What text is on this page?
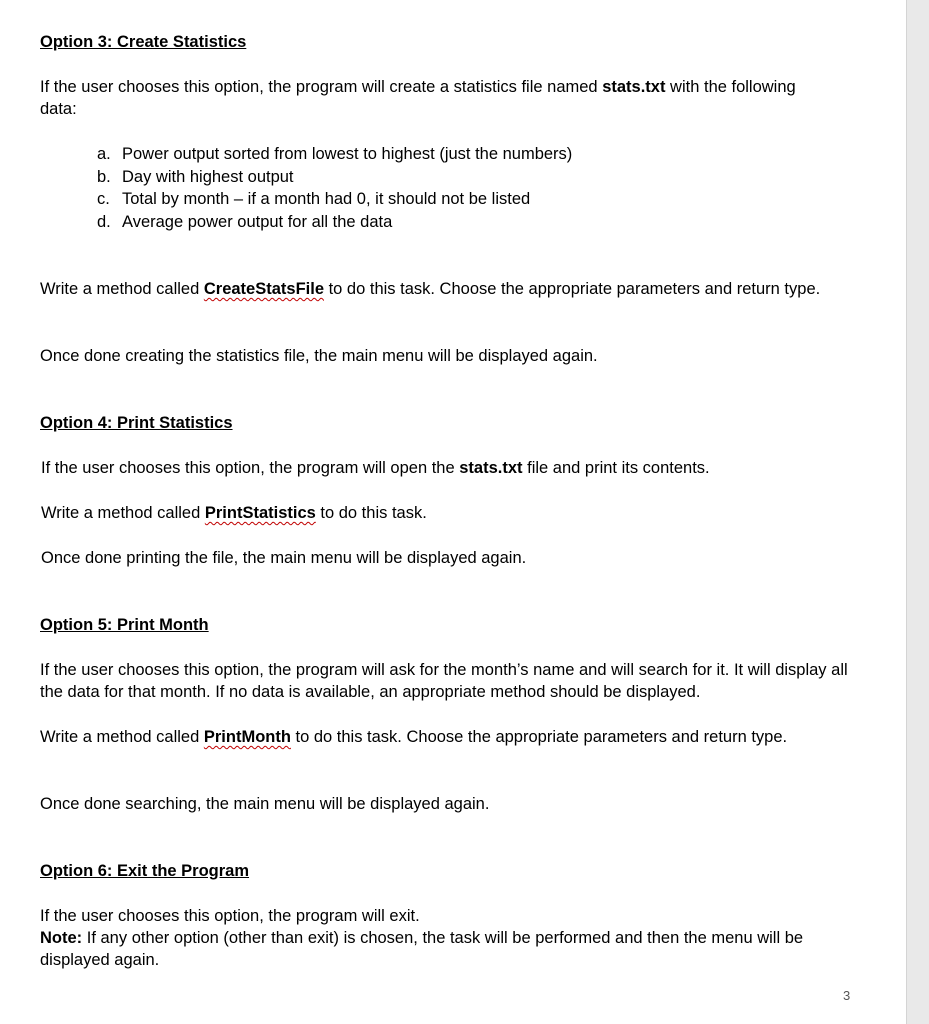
Option 3: Create Statistics

If the user chooses this option, the program will create a statistics file named stats.txt with the following data:

a. Power output sorted from lowest to highest (just the numbers)
b. Day with highest output
c. Total by month – if a month had 0, it should not be listed
d. Average power output for all the data

Write a method called CreateStatsFile to do this task. Choose the appropriate parameters and return type.

Once done creating the statistics file, the main menu will be displayed again.

Option 4: Print Statistics

If the user chooses this option, the program will open the stats.txt file and print its contents.

Write a method called PrintStatistics to do this task.

Once done printing the file, the main menu will be displayed again.

Option 5: Print Month

If the user chooses this option, the program will ask for the month’s name and will search for it. It will display all the data for that month. If no data is available, an appropriate method should be displayed.

Write a method called PrintMonth to do this task. Choose the appropriate parameters and return type.

Once done searching, the main menu will be displayed again.

Option 6: Exit the Program

If the user chooses this option, the program will exit.

Note: If any other option (other than exit) is chosen, the task will be performed and then the menu will be displayed again.

3
